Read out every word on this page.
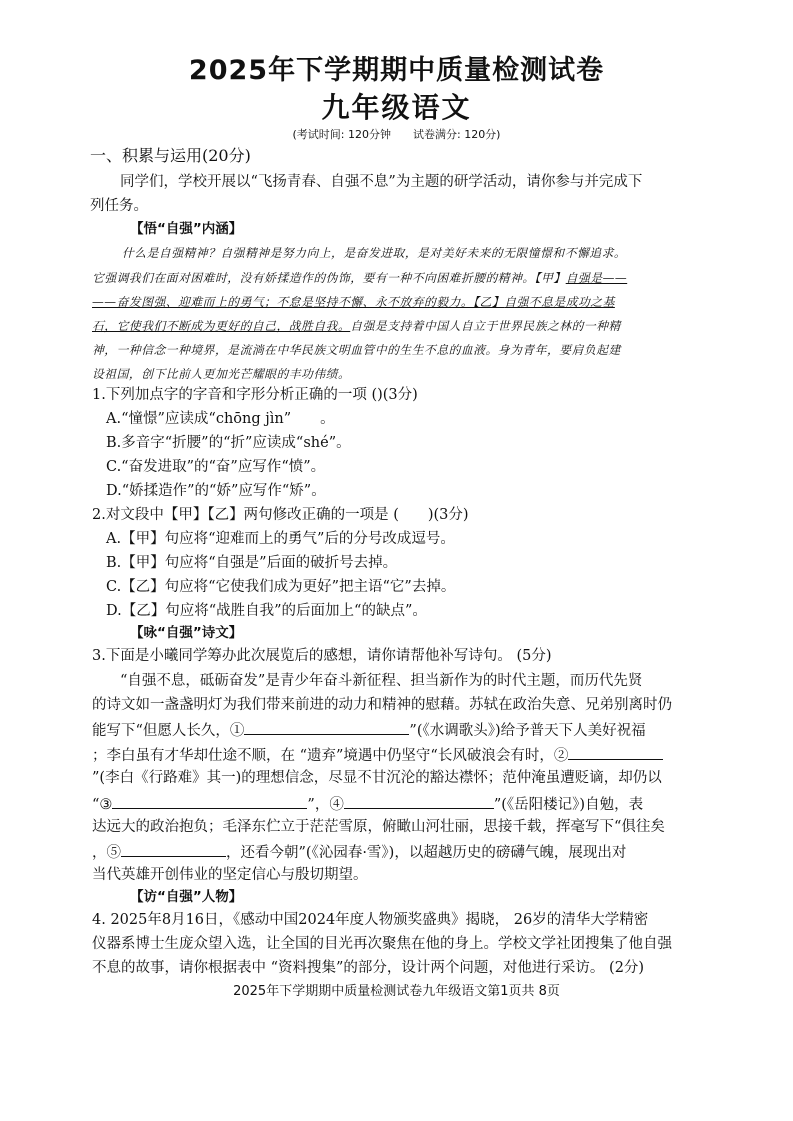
2025年下学期期中质量检测试卷
九年级语文
(考试时间: 120分钟　　试卷满分: 120分)
一、积累与运用(20分)
同学们，学校开展以“飞扬青春、自强不息”为主题的研学活动，请你参与并完成下
列任务。
【悟“自强”内涵】
什么是自强精神？自强精神是努力向上，是奋发进取，是对美好未来的无限憧憬和不懈追求。
它强调我们在面对困难时，没有娇揉造作的伪饰，要有一种不向困难折腰的精神。【甲】自强是——
——奋发图强、迎难而上的勇气；不怠是坚持不懈、永不放弃的毅力。【乙】自强不息是成功之基
石，它使我们不断成为更好的自己，战胜自我。自强是支持着中国人自立于世界民族之林的一种精
神，一种信念一种境界，是流淌在中华民族文明血管中的生生不息的血液。身为青年，要肩负起建
设祖国，创下比前人更加光芒耀眼的丰功伟绩。
1.下列加点字的字音和字形分析正确的一项 ()(3分)
A.“憧憬”应读成“chōng jìn”　　。
B.多音字“折腰”的“折”应读成“shé”。
C.“奋发进取”的“奋”应写作“愤”。
D.“娇揉造作”的“娇”应写作“矫”。
2.对文段中【甲】【乙】两句修改正确的一项是 (　　)(3分)
A.【甲】句应将“迎难而上的勇气”后的分号改成逗号。
B.【甲】句应将“自强是”后面的破折号去掉。
C.【乙】句应将“它使我们成为更好”把主语“它”去掉。
D.【乙】句应将“战胜自我”的后面加上“的缺点”。
【咏“自强”诗文】
3.下面是小曦同学筹办此次展览后的感想，请你请帮他补写诗句。 (5分)
“自强不息，砥砺奋发”是青少年奋斗新征程、担当新作为的时代主题，而历代先贤
的诗文如一盏盏明灯为我们带来前进的动力和精神的慰藉。苏轼在政治失意、兄弟别离时仍
能写下“但愿人长久，①	”(《水调歌头》)给予普天下人美好祝福
；李白虽有才华却仕途不顺，在 “遗弃”境遇中仍坚守“长风破浪会有时，②
”(李白《行路难》其一)的理想信念，尽显不甘沉沦的豁达襟怀；范仲淹虽遭贬谪，却仍以
“③	”，④	”(《岳阳楼记》)自勉，表
达远大的政治抱负；毛泽东伫立于茫茫雪原，俯瞰山河壮丽，思接千载，挥毫写下“俱往矣
，⑤	，还看今朝”(《沁园春·雪》)，以超越历史的磅礴气魄，展现出对
当代英雄开创伟业的坚定信心与殷切期望。
【访“自强”人物】
4. 2025年8月16日，《感动中国2024年度人物颁奖盛典》揭晓， 26岁的清华大学精密
仪器系博士生庞众望入选，让全国的目光再次聚焦在他的身上。学校文学社团搜集了他自强
不息的故事，请你根据表中 “资料搜集”的部分，设计两个问题，对他进行采访。 (2分)
2025年下学期期中质量检测试卷九年级语文第1页共 8页
